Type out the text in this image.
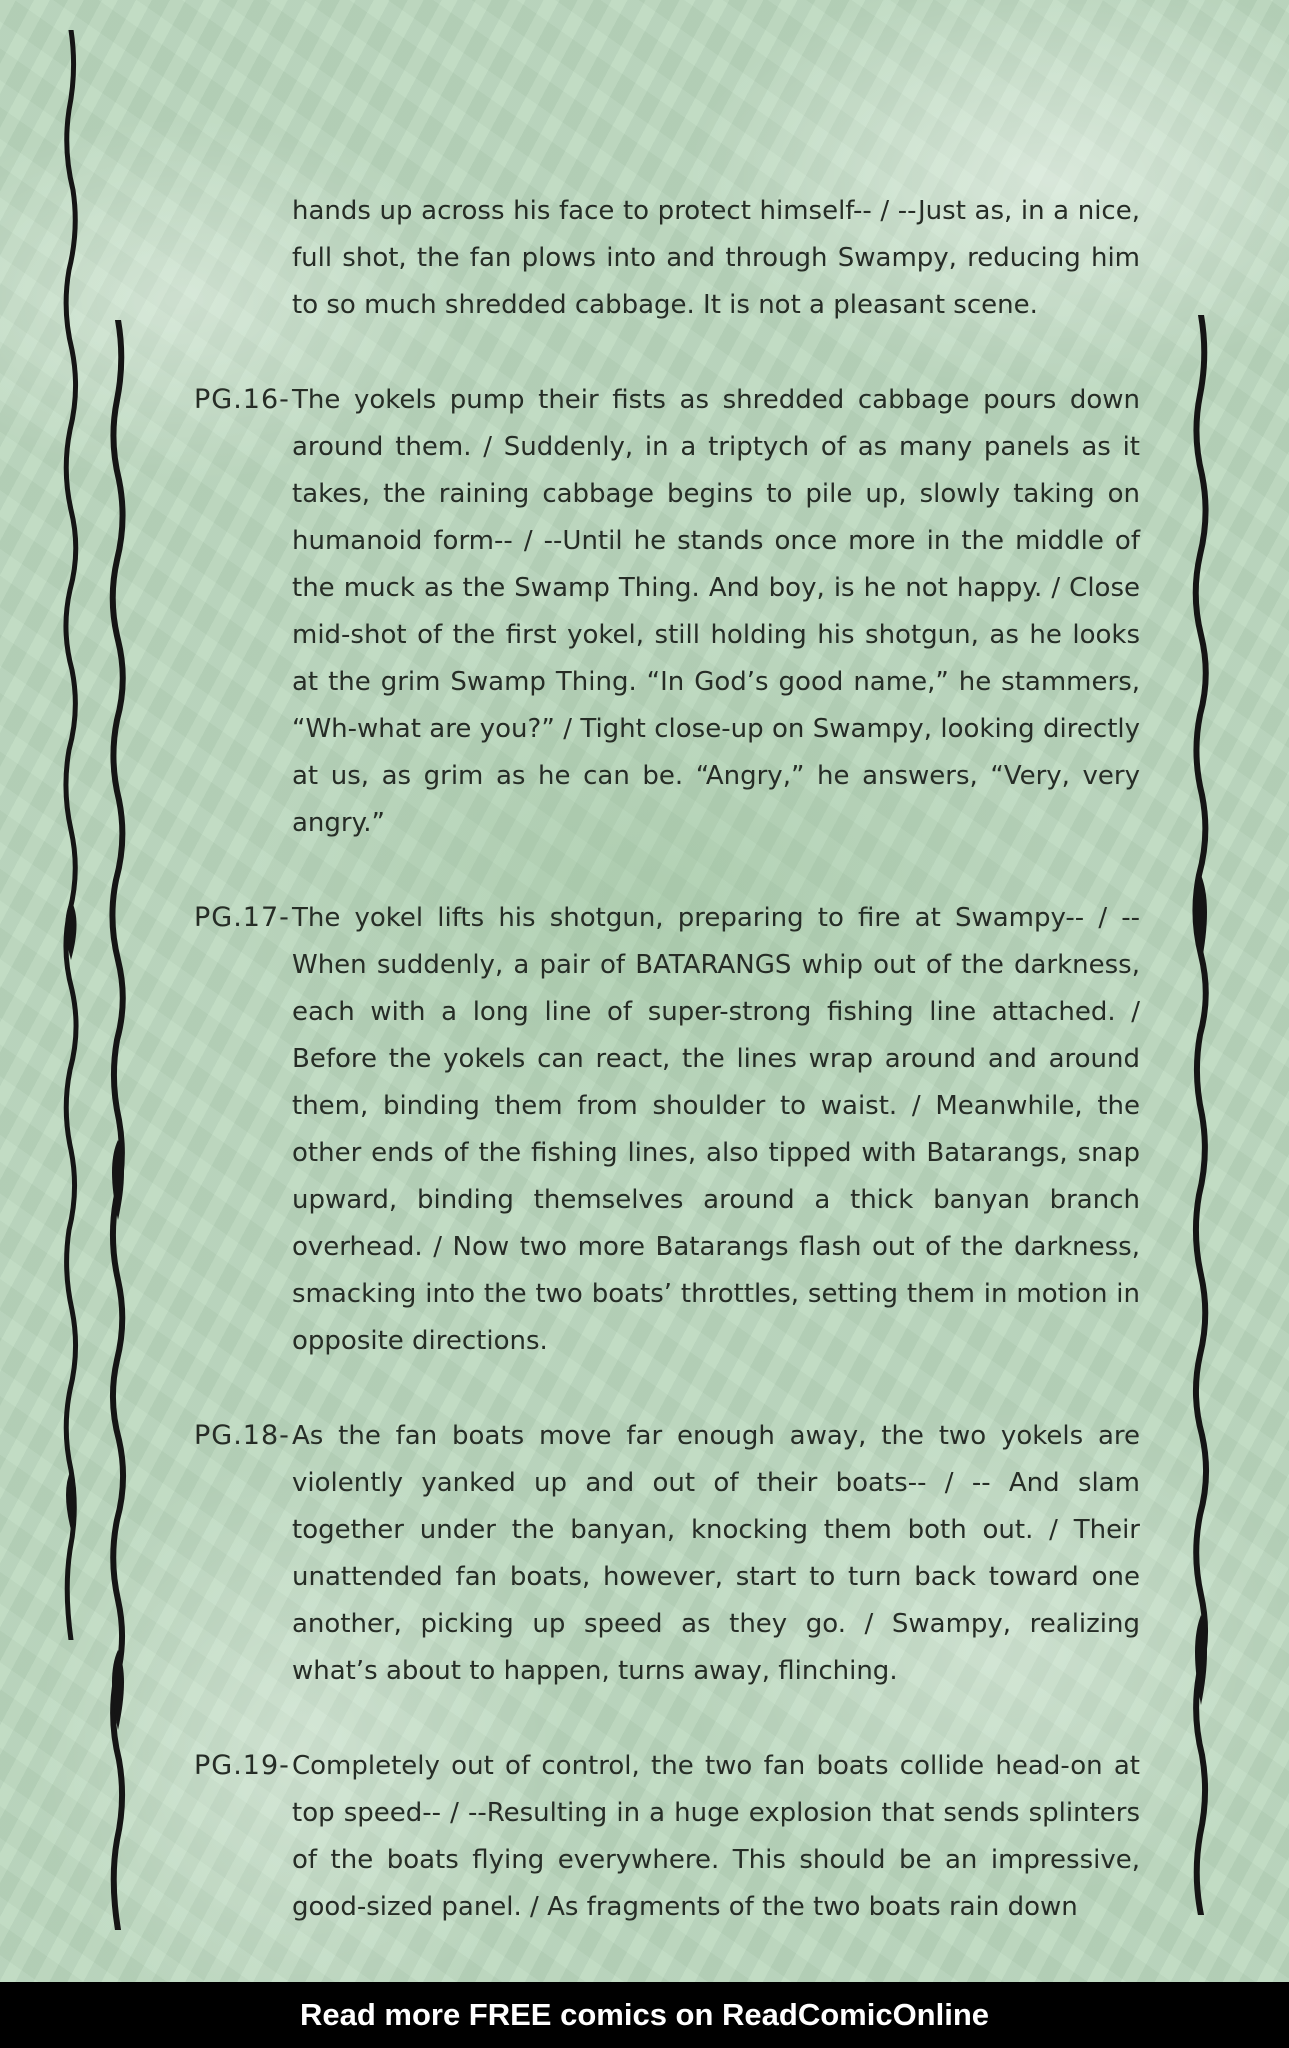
hands up across his face to protect himself-- / --Just as, in a nice, full shot, the fan plows into and through Swampy, reducing him to so much shredded cabbage. It is not a pleasant scene.

PG.16-The yokels pump their fists as shredded cabbage pours down around them. / Suddenly, in a triptych of as many panels as it takes, the raining cabbage begins to pile up, slowly taking on humanoid form-- / --Until he stands once more in the middle of the muck as the Swamp Thing. And boy, is he not happy. / Close mid-shot of the first yokel, still holding his shotgun, as he looks at the grim Swamp Thing. “In God’s good name,” he stammers, “Wh-what are you?” / Tight close-up on Swampy, looking directly at us, as grim as he can be. “Angry,” he answers, “Very, very angry.”

PG.17-The yokel lifts his shotgun, preparing to fire at Swampy-- / --When suddenly, a pair of BATARANGS whip out of the darkness, each with a long line of super-strong fishing line attached. / Before the yokels can react, the lines wrap around and around them, binding them from shoulder to waist. / Meanwhile, the other ends of the fishing lines, also tipped with Batarangs, snap upward, binding themselves around a thick banyan branch overhead. / Now two more Batarangs flash out of the darkness, smacking into the two boats’ throttles, setting them in motion in opposite directions.

PG.18-As the fan boats move far enough away, the two yokels are violently yanked up and out of their boats-- / -- And slam together under the banyan, knocking them both out. / Their unattended fan boats, however, start to turn back toward one another, picking up speed as they go. / Swampy, realizing what’s about to happen, turns away, flinching.

PG.19-Completely out of control, the two fan boats collide head-on at top speed-- / --Resulting in a huge explosion that sends splinters of the boats flying everywhere. This should be an impressive, good-sized panel. / As fragments of the two boats rain down

Read more FREE comics on ReadComicOnline
